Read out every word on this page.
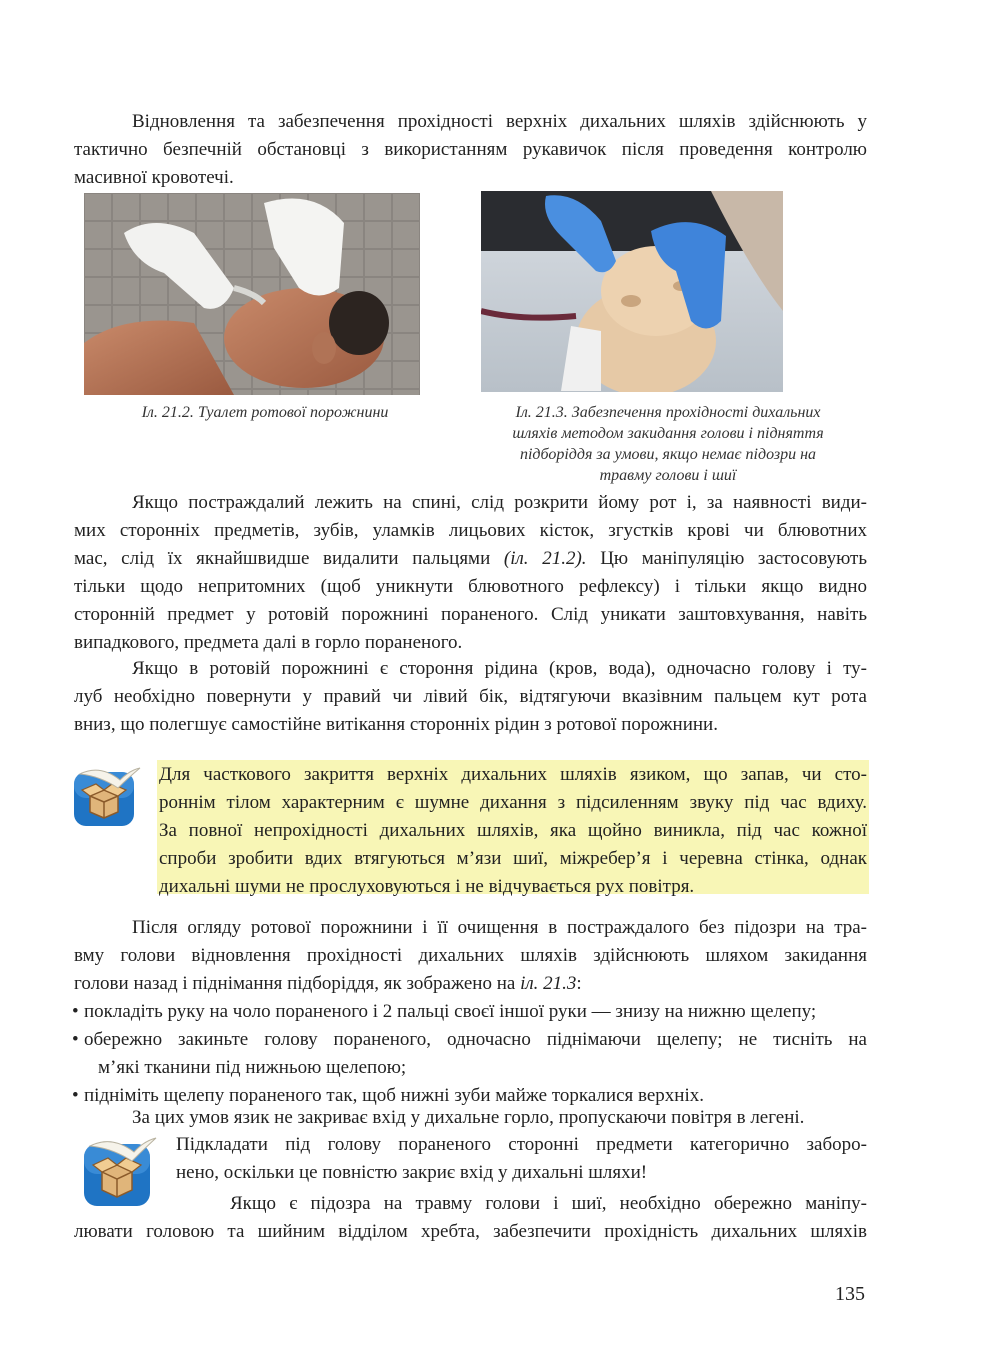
Відновлення та забезпечення прохідності верхніх дихальних шляхів здійснюють у
тактично безпечній обстановці з використанням рукавичок після проведення контролю
масивної кровотечі.
Іл. 21.2. Туалет ротової порожнини	Іл. 21.3. Забезпечення прохідності дихальних
шляхів методом закидання голови і підняття
підборіддя за умови, якщо немає підозри на
травму голови і шиї
Якщо постраждалий лежить на спині, слід розкрити йому рот і, за наявності види-
мих сторонніх предметів, зубів, уламків лицьових кісток, згустків крові чи блювотних
мас, слід їх якнайшвидше видалити пальцями (іл. 21.2). Цю маніпуляцію застосовують
тільки щодо непритомних (щоб уникнути блювотного рефлексу) і тільки якщо видно
сторонній предмет у ротовій порожнині пораненого. Слід уникати заштовхування, навіть
випадкового, предмета далі в горло пораненого.
Якщо в ротовій порожнині є стороння рідина (кров, вода), одночасно голову і ту-
луб необхідно повернути у правий чи лівий бік, відтягуючи вказівним пальцем кут рота
вниз, що полегшує самостійне витікання сторонніх рідин з ротової порожнини.
Для часткового закриття верхніх дихальних шляхів язиком, що запав, чи сто-
роннім тілом характерним є шумне дихання з підсиленням звуку під час вдиху.
За повної непрохідності дихальних шляхів, яка щойно виникла, під час кожної
спроби зробити вдих втягуються м’язи шиї, міжребер’я і черевна стінка, однак
дихальні шуми не прослуховуються і не відчувається рух повітря.
Після огляду ротової порожнини і її очищення в постраждалого без підозри на тра-
вму голови відновлення прохідності дихальних шляхів здійснюють шляхом закидання
голови назад і піднімання підборіддя, як зображено на іл. 21.3:
• покладіть руку на чоло пораненого і 2 пальці своєї іншої руки — знизу на нижню щелепу;
• обережно закиньте голову пораненого, одночасно піднімаючи щелепу; не тисніть на
м’які тканини під нижньою щелепою;
• підніміть щелепу пораненого так, щоб нижні зуби майже торкалися верхніх.
За цих умов язик не закриває вхід у дихальне горло, пропускаючи повітря в легені.
Підкладати під голову пораненого сторонні предмети категорично заборо-
нено, оскільки це повністю закриє вхід у дихальні шляхи!
Якщо є підозра на травму голови і шиї, необхідно обережно маніпу-
лювати головою та шийним відділом хребта, забезпечити прохідність дихальних шляхів
135
